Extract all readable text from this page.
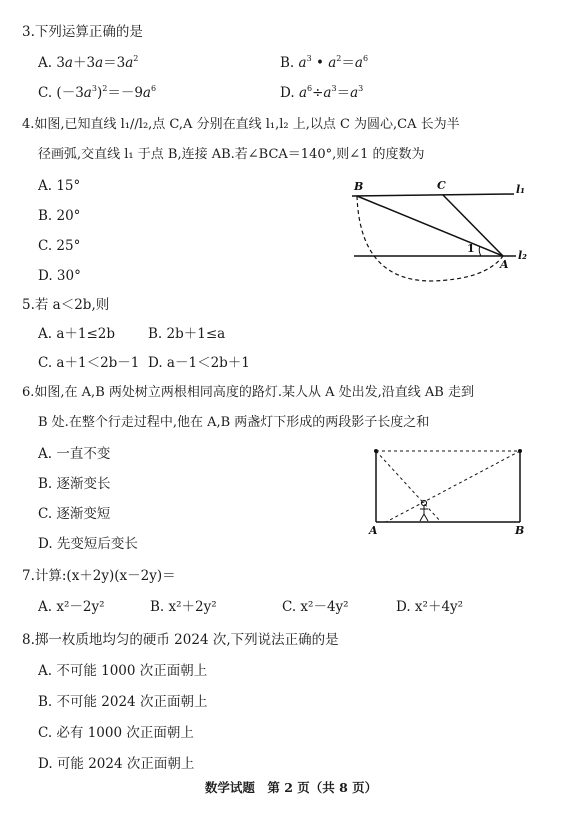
3.下列运算正确的是
A. $3a+3a=3a^2$	B. $a^3$ • $a^2=a^6$
C. $(-3a^3)^2=-9a^6$	D. $a^6\div a^3=a^3$
4.如图,已知直线 l₁//l₂,点 C,A 分别在直线 l₁,l₂ 上,以点 C 为圆心,CA 长为半
径画弧,交直线 l₁ 于点 B,连接 AB.若∠BCA＝140°,则∠1 的度数为
A. 15°
B. 20°
C. 25°
D. 30°
B	C
A
1
l₁
l₂
5.若 a＜2b,则
A. a＋1≤2b B. 2b＋1≤a
C. a＋1＜2b－1 D. a－1＜2b＋1
6.如图,在 A,B 两处树立两根相同高度的路灯.某人从 A 处出发,沿直线 AB 走到
B 处.在整个行走过程中,他在 A,B 两盏灯下形成的两段影子长度之和
A. 一直不变
B. 逐渐变长
C. 逐渐变短
D. 先变短后变长
A	B
7.计算:(x＋2y)(x－2y)＝
A. x²－2y²	B. x²＋2y²	C. x²－4y²	D. x²＋4y²
8.掷一枚质地均匀的硬币 2024 次,下列说法正确的是
A. 不可能 1000 次正面朝上
B. 不可能 2024 次正面朝上
C. 必有 1000 次正面朝上
D. 可能 2024 次正面朝上
数学试题　第 2 页（共 8 页）
